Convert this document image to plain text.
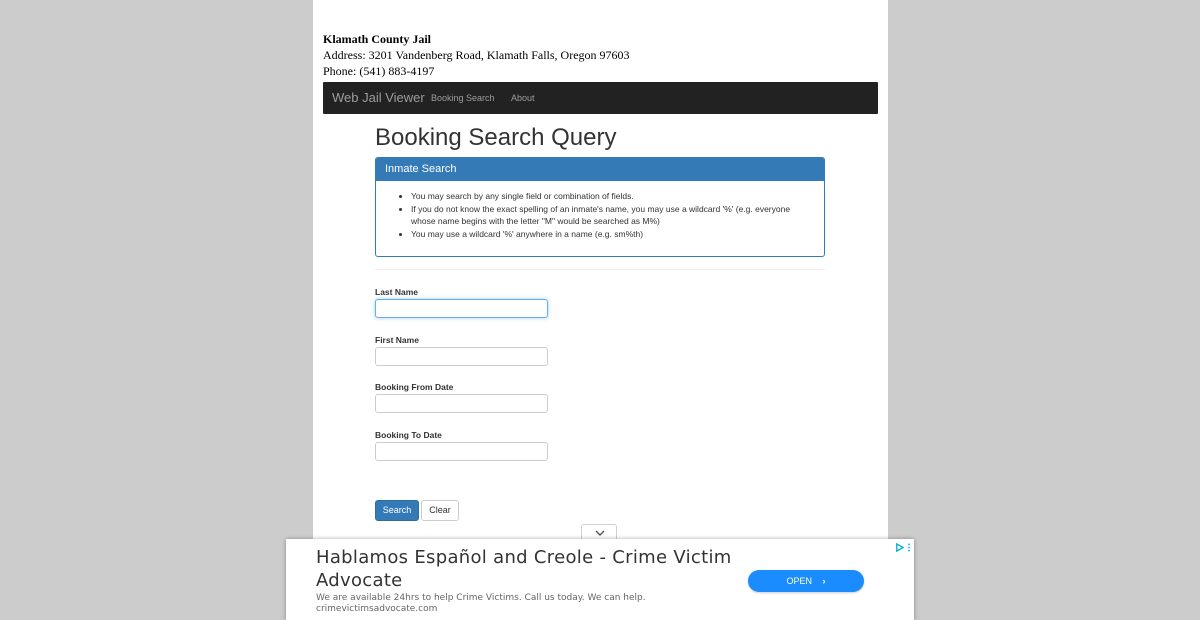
Klamath County Jail
Address: 3201 Vandenberg Road, Klamath Falls, Oregon 97603
Phone: (541) 883-4197
Web Jail Viewer Booking Search About
Booking Search Query
Inmate Search
• You may search by any single field or combination of fields.
• If you do not know the exact spelling of an inmate's name, you may use a wildcard '%' (e.g. everyone whose name begins with the letter "M" would be searched as M%)
• You may use a wildcard '%' anywhere in a name (e.g. sm%th)
Last Name
First Name
Booking From Date
Booking To Date
Search	Clear
Hablamos Español and Creole - Crime Victim Advocate
We are available 24hrs to help Crime Victims. Call us today. We can help.
crimevictimsadvocate.com
OPEN ›
